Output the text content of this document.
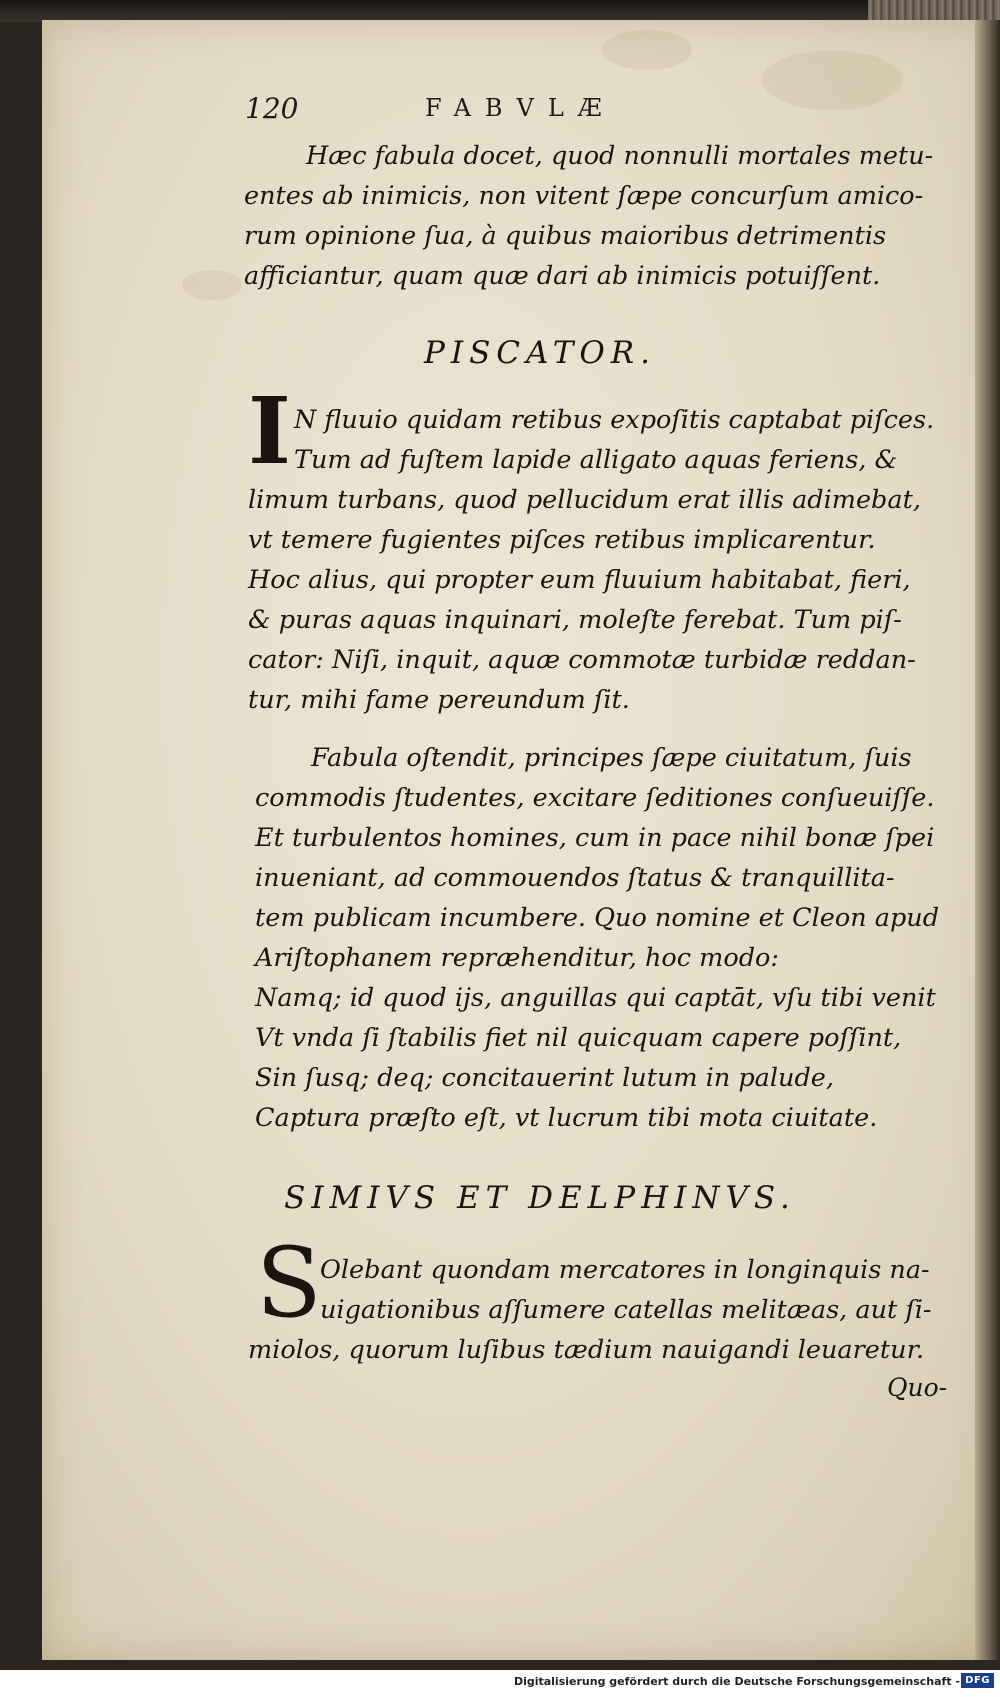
120	FABVLÆ

Hæc fabula docet, quod nonnulli mortales metu-

entes ab inimicis, non vitent ſæpe concurſum amico-

rum opinione ſua, à quibus maioribus detrimentis

afficiantur, quam quæ dari ab inimicis potuiſſent.

PISCATOR.
I N fluuio quidam retibus expoſitis captabat piſces.

Tum ad fuſtem lapide alligato aquas feriens, &

limum turbans, quod pellucidum erat illis adimebat,

vt temere fugientes piſces retibus implicarentur.

Hoc alius, qui propter eum fluuium habitabat, fieri,

& puras aquas inquinari, moleſte ferebat. Tum piſ-

cator: Niſi, inquit, aquæ commotæ turbidæ reddan-

tur, mihi fame pereundum ſit.

Fabula oſtendit, principes ſæpe ciuitatum, ſuis

commodis ſtudentes, excitare ſeditiones conſueuiſſe.

Et turbulentos homines, cum in pace nihil bonæ ſpei

inueniant, ad commouendos ſtatus & tranquillita-

tem publicam incumbere. Quo nomine et Cleon apud

Ariſtophanem repræhenditur, hoc modo:

Namq; id quod ijs, anguillas qui captāt, vſu tibi venit

Vt vnda ſi ſtabilis fiet nil quicquam capere poſſint,

Sin ſusq; deq; concitauerint lutum in palude,

Captura præſto eſt, vt lucrum tibi mota ciuitate.

SIMIVS ET DELPHINVS.
S

Olebant quondam mercatores in longinquis na-

uigationibus aſſumere catellas melitæas, aut ſi-

miolos, quorum luſibus tædium nauigandi leuaretur.

Quo-
Digitalisierung gefördert durch die Deutsche Forschungsgemeinschaft - DFG
